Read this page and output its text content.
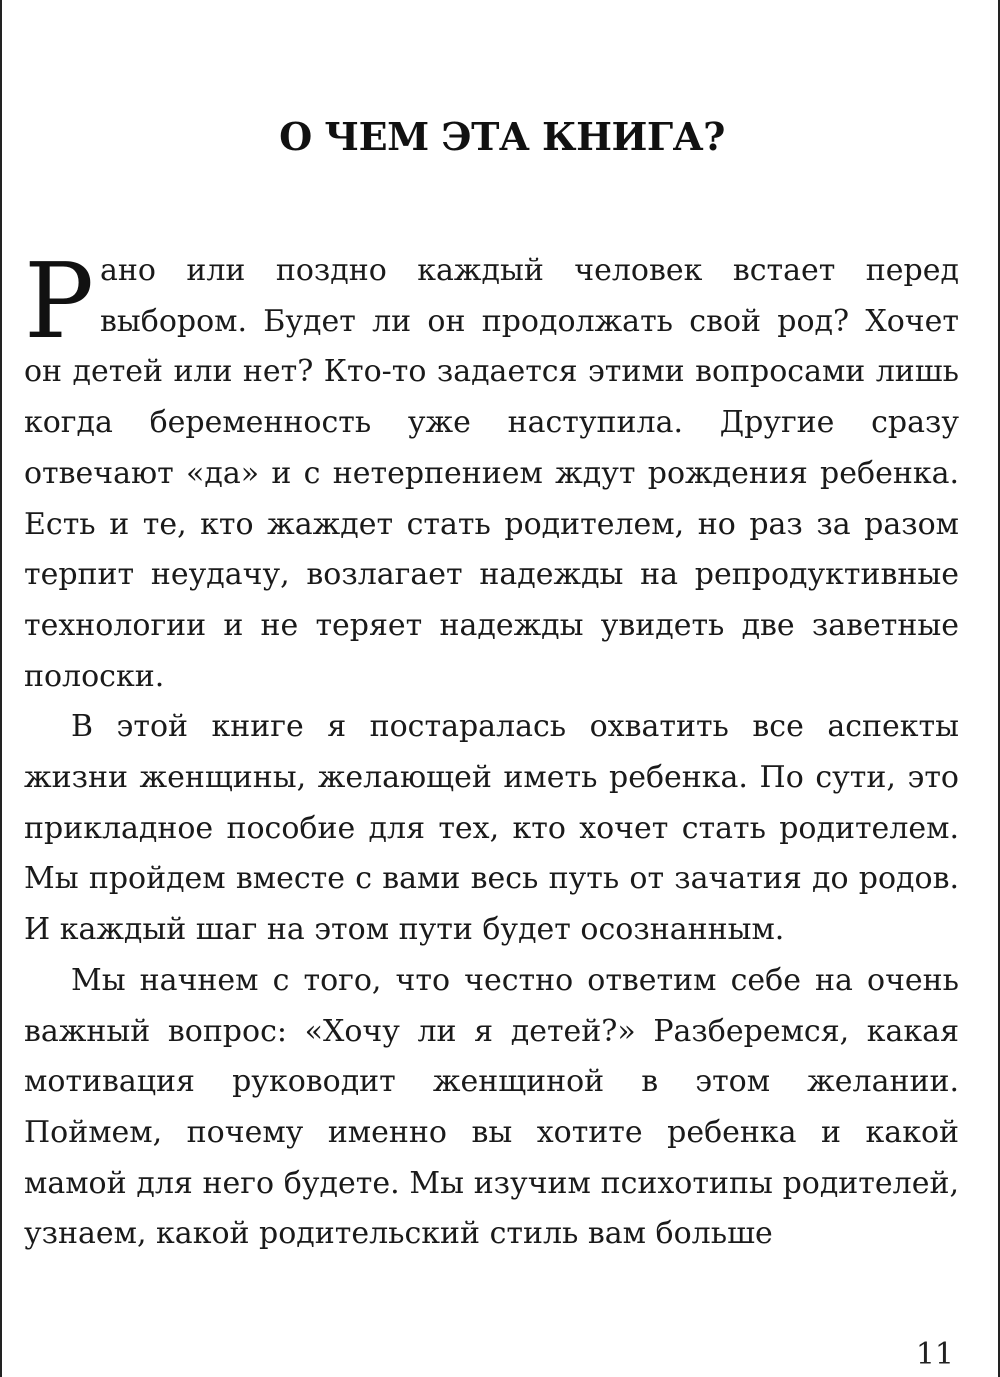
О ЧЕМ ЭТА КНИГА?

Рано или поздно каждый человек встает перед выбором. Будет ли он продолжать свой род? Хочет он детей или нет? Кто-то задается этими вопросами лишь когда беременность уже наступила. Другие сразу отвечают «да» и с нетерпением ждут рождения ребенка. Есть и те, кто жаждет стать родителем, но раз за разом терпит неудачу, возлагает надежды на репродуктивные технологии и не теряет надежды увидеть две заветные полоски.

В этой книге я постаралась охватить все аспекты жизни женщины, желающей иметь ребенка. По сути, это прикладное пособие для тех, кто хочет стать родителем. Мы пройдем вместе с вами весь путь от зачатия до родов. И каждый шаг на этом пути будет осознанным.

Мы начнем с того, что честно ответим себе на очень важный вопрос: «Хочу ли я детей?» Разберемся, какая мотивация руководит женщиной в этом желании. Поймем, почему именно вы хотите ребенка и какой мамой для него будете. Мы изучим психотипы родителей, узнаем, какой родительский стиль вам больше

11
